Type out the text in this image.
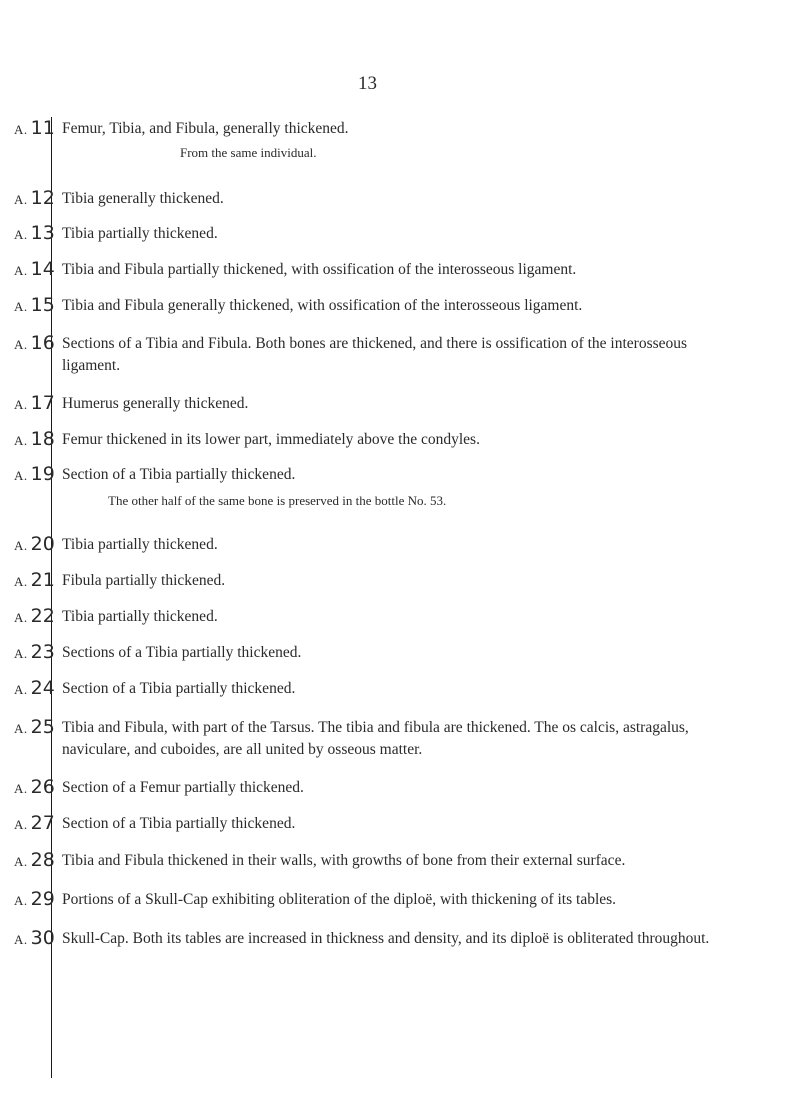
13
A. 11 Femur, Tibia, and Fibula, generally thickened.
From the same individual.
A. 12 Tibia generally thickened.
A. 13 Tibia partially thickened.
A. 14 Tibia and Fibula partially thickened, with ossification of the interosseous ligament.
A. 15 Tibia and Fibula generally thickened, with ossification of the interosseous ligament.
A. 16 Sections of a Tibia and Fibula. Both bones are thickened, and there is ossification of the interosseous ligament.
A. 17 Humerus generally thickened.
A. 18 Femur thickened in its lower part, immediately above the condyles.
A. 19 Section of a Tibia partially thickened.
The other half of the same bone is preserved in the bottle No. 53.
A. 20 Tibia partially thickened.
A. 21 Fibula partially thickened.
A. 22 Tibia partially thickened.
A. 23 Sections of a Tibia partially thickened.
A. 24 Section of a Tibia partially thickened.
A. 25 Tibia and Fibula, with part of the Tarsus. The tibia and fibula are thickened. The os calcis, astragalus, naviculare, and cuboides, are all united by osseous matter.
A. 26 Section of a Femur partially thickened.
A. 27 Section of a Tibia partially thickened.
A. 28 Tibia and Fibula thickened in their walls, with growths of bone from their external surface.
A. 29 Portions of a Skull-Cap exhibiting obliteration of the diploë, with thickening of its tables.
A. 30 Skull-Cap. Both its tables are increased in thickness and density, and its diploë is obliterated throughout.
